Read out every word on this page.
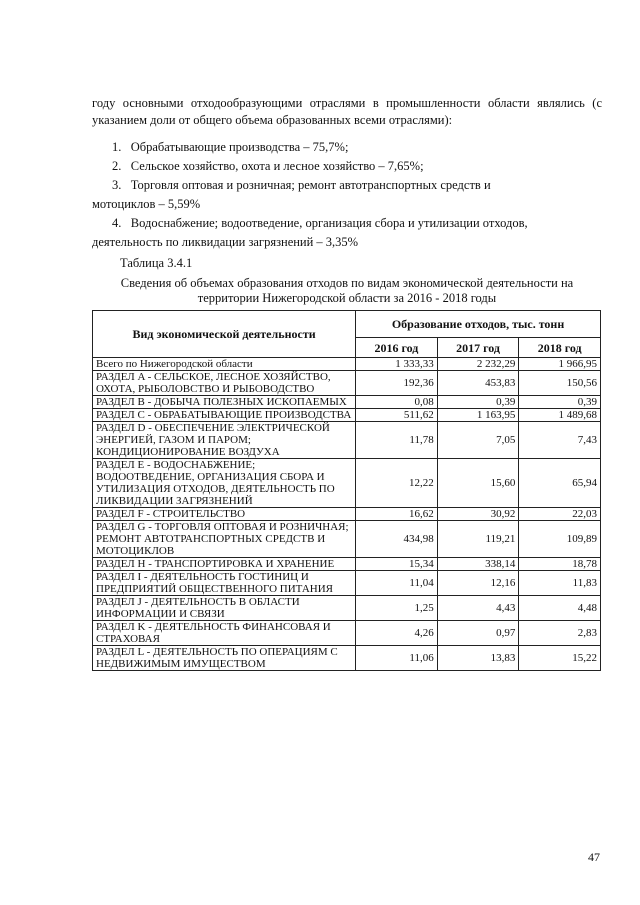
году основными отходообразующими отраслями в промышленности области являлись (с указанием доли от общего объема образованных всеми отраслями):

1. Обрабатывающие производства – 75,7%;
2. Сельское хозяйство, охота и лесное хозяйство – 7,65%;
3. Торговля оптовая и розничная; ремонт автотранспортных средств и
мотоциклов – 5,59%
4. Водоснабжение; водоотведение, организация сбора и утилизации отходов,
деятельность по ликвидации загрязнений – 3,35%

Таблица 3.4.1

Сведения об объемах образования отходов по видам экономической деятельности на
территории Нижегородской области за 2016 - 2018 годы

Вид экономической деятельности	Образование отходов, тыс. тонн		
	2016 год	2017 год	2018 год
Всего по Нижегородской области	1 333,33	2 232,29	1 966,95
РАЗДЕЛ A - СЕЛЬСКОЕ, ЛЕСНОЕ ХОЗЯЙСТВО, ОХОТА, РЫБОЛОВСТВО И РЫБОВОДСТВО	192,36	453,83	150,56
РАЗДЕЛ B - ДОБЫЧА ПОЛЕЗНЫХ ИСКОПАЕМЫХ	0,08	0,39	0,39
РАЗДЕЛ C - ОБРАБАТЫВАЮЩИЕ ПРОИЗВОДСТВА	511,62	1 163,95	1 489,68
РАЗДЕЛ D - ОБЕСПЕЧЕНИЕ ЭЛЕКТРИЧЕСКОЙ ЭНЕРГИЕЙ, ГАЗОМ И ПАРОМ; КОНДИЦИОНИРОВАНИЕ ВОЗДУХА	11,78	7,05	7,43
РАЗДЕЛ E - ВОДОСНАБЖЕНИЕ; ВОДООТВЕДЕНИЕ, ОРГАНИЗАЦИЯ СБОРА И УТИЛИЗАЦИЯ ОТХОДОВ, ДЕЯТЕЛЬНОСТЬ ПО ЛИКВИДАЦИИ ЗАГРЯЗНЕНИЙ	12,22	15,60	65,94
РАЗДЕЛ F - СТРОИТЕЛЬСТВО	16,62	30,92	22,03
РАЗДЕЛ G - ТОРГОВЛЯ ОПТОВАЯ И РОЗНИЧНАЯ; РЕМОНТ АВТОТРАНСПОРТНЫХ СРЕДСТВ И МОТОЦИКЛОВ	434,98	119,21	109,89
РАЗДЕЛ H - ТРАНСПОРТИРОВКА И ХРАНЕНИЕ	15,34	338,14	18,78
РАЗДЕЛ I - ДЕЯТЕЛЬНОСТЬ ГОСТИНИЦ И ПРЕДПРИЯТИЙ ОБЩЕСТВЕННОГО ПИТАНИЯ	11,04	12,16	11,83
РАЗДЕЛ J - ДЕЯТЕЛЬНОСТЬ В ОБЛАСТИ ИНФОРМАЦИИ И СВЯЗИ	1,25	4,43	4,48
РАЗДЕЛ K - ДЕЯТЕЛЬНОСТЬ ФИНАНСОВАЯ И СТРАХОВАЯ	4,26	0,97	2,83
РАЗДЕЛ L - ДЕЯТЕЛЬНОСТЬ ПО ОПЕРАЦИЯМ С НЕДВИЖИМЫМ ИМУЩЕСТВОМ	11,06	13,83	15,22

47
